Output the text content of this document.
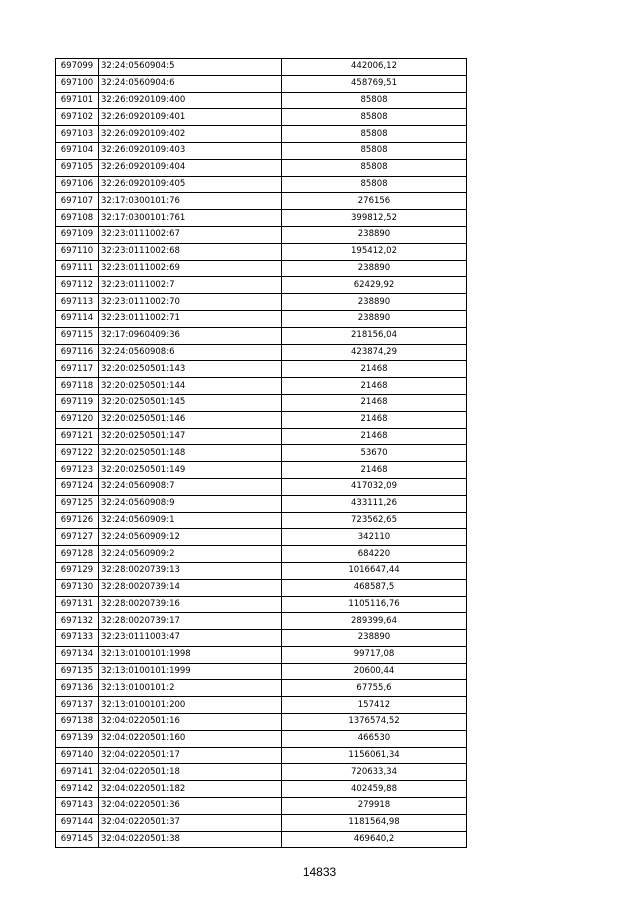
697099	32:24:0560904:5	442006,12
697100	32:24:0560904:6	458769,51
697101	32:26:0920109:400	85808
697102	32:26:0920109:401	85808
697103	32:26:0920109:402	85808
697104	32:26:0920109:403	85808
697105	32:26:0920109:404	85808
697106	32:26:0920109:405	85808
697107	32:17:0300101:76	276156
697108	32:17:0300101:761	399812,52
697109	32:23:0111002:67	238890
697110	32:23:0111002:68	195412,02
697111	32:23:0111002:69	238890
697112	32:23:0111002:7	62429,92
697113	32:23:0111002:70	238890
697114	32:23:0111002:71	238890
697115	32:17:0960409:36	218156,04
697116	32:24:0560908:6	423874,29
697117	32:20:0250501:143	21468
697118	32:20:0250501:144	21468
697119	32:20:0250501:145	21468
697120	32:20:0250501:146	21468
697121	32:20:0250501:147	21468
697122	32:20:0250501:148	53670
697123	32:20:0250501:149	21468
697124	32:24:0560908:7	417032,09
697125	32:24:0560908:9	433111,26
697126	32:24:0560909:1	723562,65
697127	32:24:0560909:12	342110
697128	32:24:0560909:2	684220
697129	32:28:0020739:13	1016647,44
697130	32:28:0020739:14	468587,5
697131	32:28:0020739:16	1105116,76
697132	32:28:0020739:17	289399,64
697133	32:23:0111003:47	238890
697134	32:13:0100101:1998	99717,08
697135	32:13:0100101:1999	20600,44
697136	32:13:0100101:2	67755,6
697137	32:13:0100101:200	157412
697138	32:04:0220501:16	1376574,52
697139	32:04:0220501:160	466530
697140	32:04:0220501:17	1156061,34
697141	32:04:0220501:18	720633,34
697142	32:04:0220501:182	402459,88
697143	32:04:0220501:36	279918
697144	32:04:0220501:37	1181564,98
697145	32:04:0220501:38	469640,2
14833
